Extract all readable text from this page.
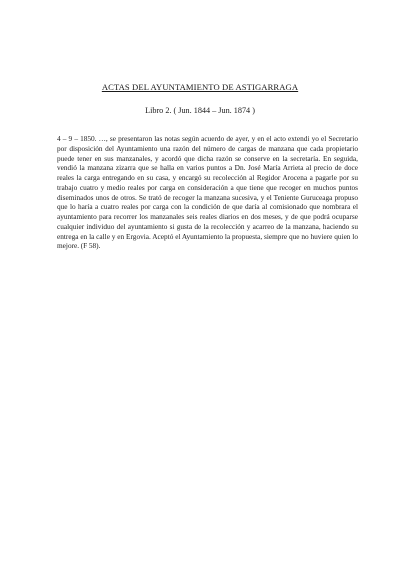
ACTAS DEL AYUNTAMIENTO DE ASTIGARRAGA
Libro 2. ( Jun. 1844 – Jun. 1874 )

4 – 9 – 1850. …, se presentaron las notas según acuerdo de ayer, y en el acto extendi yo el Secretario por disposición del Ayuntamiento una razón del número de cargas de manzana que cada propietario puede tener en sus manzanales, y acordó que dicha razón se conserve en la secretaría. En seguida, vendió la manzana zizarra que se halla en varios puntos a Dn. José María Arrieta al precio de doce reales la carga entregando en su casa, y encargó su recolección al Regidor Arocena a pagarle por su trabajo cuatro y medio reales por carga en consideración a que tiene que recoger en muchos puntos diseminados unos de otros. Se trató de recoger la manzana sucesiva, y el Teniente Guruceaga propuso que lo haría a cuatro reales por carga con la condición de que daría al comisionado que nombrara el ayuntamiento para recorrer los manzanales seis reales diarios en dos meses, y de que podrá ocuparse cualquier individuo del ayuntamiento si gusta de la recolección y acarreo de la manzana, haciendo su entrega en la calle y en Ergovia. Aceptó el Ayuntamiento la propuesta, siempre que no huviere quien lo mejore. (F 58).
